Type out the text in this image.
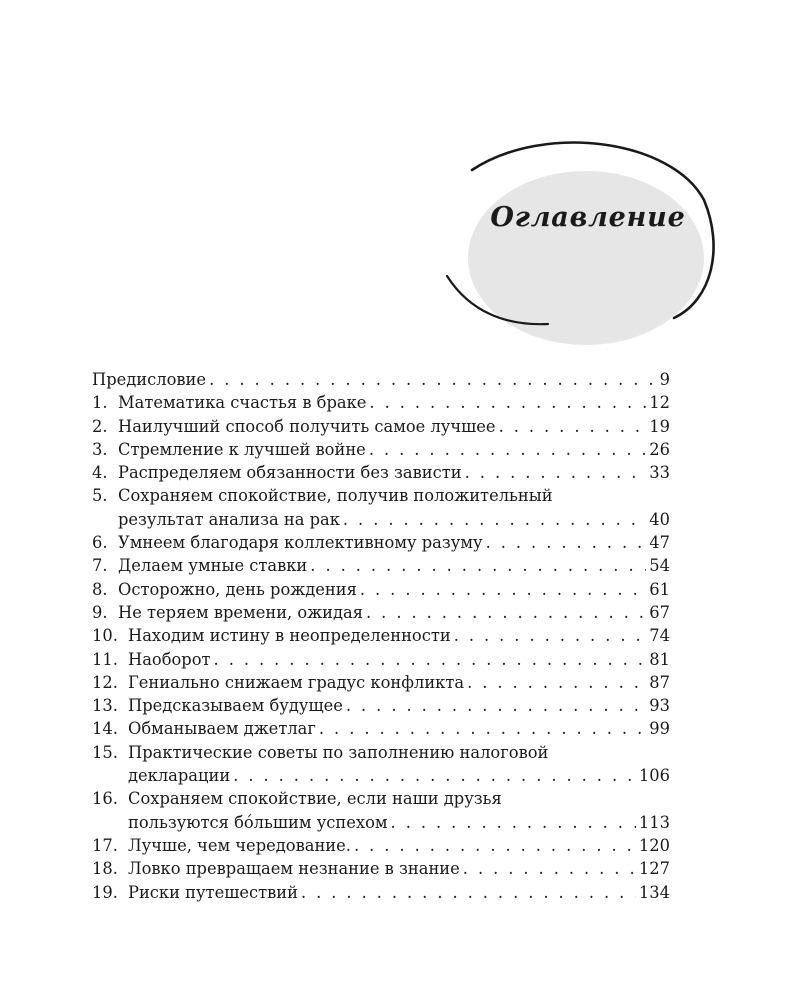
Оглавление
Предисловие . . .	9
1. Математика счастья в браке . . .	12
2. Наилучший способ получить самое лучшее . . .	19
3. Стремление к лучшей войне . . .	26
4. Распределяем обязанности без зависти . . .	33
5. Сохраняем спокойствие, получив положительный
результат анализа на рак . . .	40
6. Умнеем благодаря коллективному разуму . . .	47
7. Делаем умные ставки . . .	54
8. Осторожно, день рождения . . .	61
9. Не теряем времени, ожидая . . .	67
10. Находим истину в неопределенности . . .	74
11. Наоборот . . .	81
12. Гениально снижаем градус конфликта . . .	87
13. Предсказываем будущее . . .	93
14. Обманываем джетлаг . . .	99
15. Практические советы по заполнению налоговой
декларации . . .	106
16. Сохраняем спокойствие, если наши друзья
пользуются бóльшим успехом . . .	113
17. Лучше, чем чередование. . . .	120
18. Ловко превращаем незнание в знание . . .	127
19. Риски путешествий . . .	134
